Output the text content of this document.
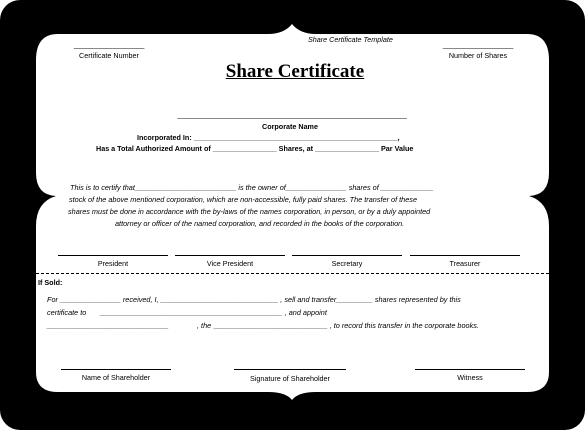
Share Certificate Template
___________________
Certificate Number
___________________
Number of Shares
Share Certificate
______________________________________________________________
Corporate Name
Incorporated In: ___________________________________________________,
Has a Total Authorized Amount of ________________ Shares, at ________________ Par Value
This is to certify that_________________________ is the owner of_______________ shares of _____________
stock of the above mentioned corporation, which are non-accessible, fully paid shares. The transfer of these
shares must be done in accordance with the by-laws of the names corporation, in person, or by a duly appointed
attorney or officer of the named corporation, and recorded in the books of the corporation.
President	Vice President	Secretary	Treasurer
If Sold:
For _______________ received, I, _____________________________ , sell and transfer_________ shares represented by this
certificate to _____________________________________________ , and appoint
______________________________	, the ____________________________ , to record this transfer in the corporate books.
Name of Shareholder	Signature of Shareholder	Witness
